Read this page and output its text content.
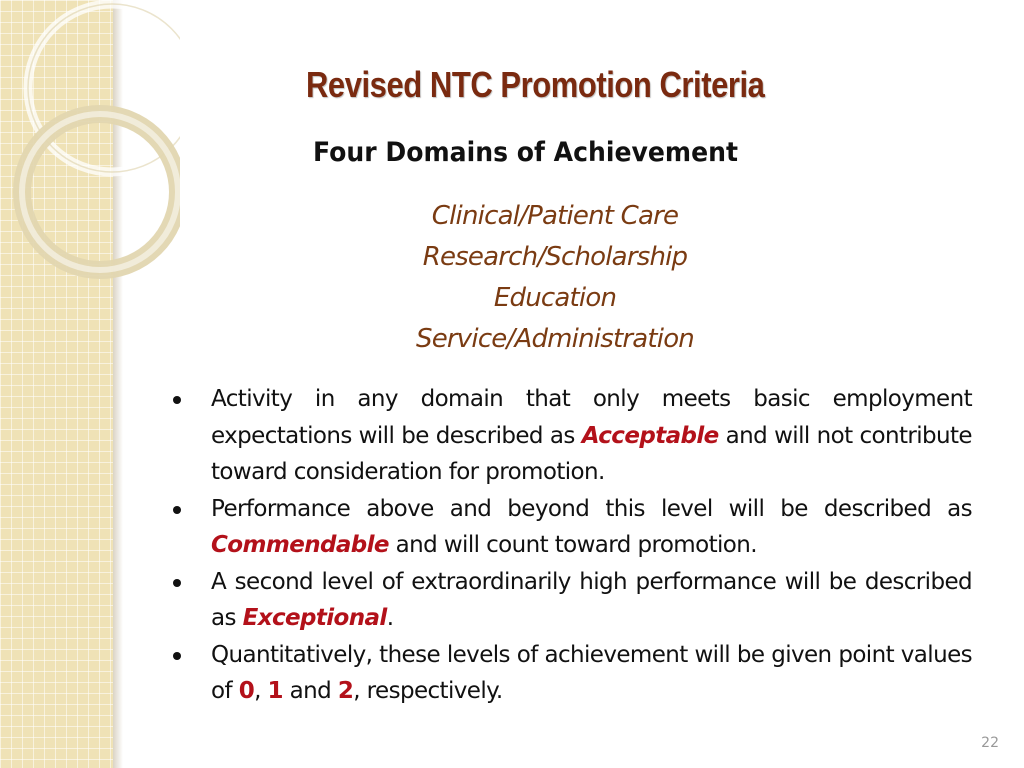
Revised NTC Promotion Criteria
Four Domains of Achievement
Clinical/Patient Care
Research/Scholarship
Education
Service/Administration
Activity in any domain that only meets basic employment expectations will be described as Acceptable and will not contribute toward consideration for promotion.
Performance above and beyond this level will be described as Commendable and will count toward promotion.
A second level of extraordinarily high performance will be described as Exceptional.
Quantitatively, these levels of achievement will be given point values of 0, 1 and 2, respectively.
22
